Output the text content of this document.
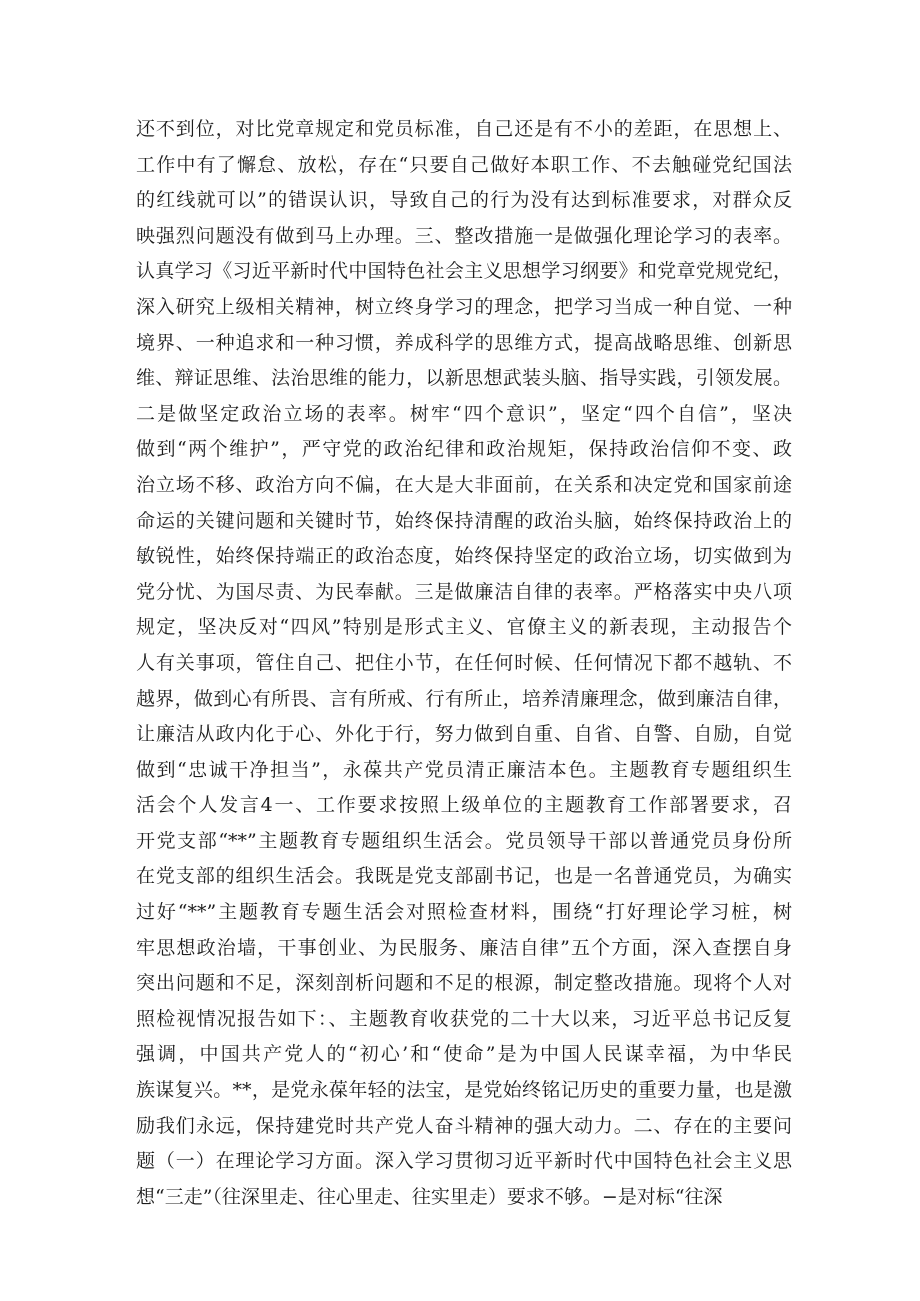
还不到位，对比党章规定和党员标准，自己还是有不小的差距，在思想上、
工作中有了懈怠、放松，存在“只要自己做好本职工作、不去触碰党纪国法
的红线就可以”的错误认识，导致自己的行为没有达到标准要求，对群众反
映强烈问题没有做到马上办理。三、整改措施一是做强化理论学习的表率。
认真学习《习近平新时代中国特色社会主义思想学习纲要》和党章党规党纪，
深入研究上级相关精神，树立终身学习的理念，把学习当成一种自觉、一种
境界、一种追求和一种习惯，养成科学的思维方式，提高战略思维、创新思
维、辩证思维、法治思维的能力，以新思想武装头脑、指导实践，引领发展。
二是做坚定政治立场的表率。树牢“四个意识”，坚定“四个自信”，坚决
做到“两个维护”，严守党的政治纪律和政治规矩，保持政治信仰不变、政
治立场不移、政治方向不偏，在大是大非面前，在关系和决定党和国家前途
命运的关键问题和关键时节，始终保持清醒的政治头脑，始终保持政治上的
敏锐性，始终保持端正的政治态度，始终保持坚定的政治立场，切实做到为
党分忧、为国尽责、为民奉献。三是做廉洁自律的表率。严格落实中央八项
规定，坚决反对“四风”特别是形式主义、官僚主义的新表现，主动报告个
人有关事项，管住自己、把住小节，在任何时候、任何情况下都不越轨、不
越界，做到心有所畏、言有所戒、行有所止，培养清廉理念，做到廉洁自律，
让廉洁从政内化于心、外化于行，努力做到自重、自省、自警、自励，自觉
做到“忠诚干净担当”，永葆共产党员清正廉洁本色。主题教育专题组织生
活会个人发言4一、工作要求按照上级单位的主题教育工作部署要求，召
开党支部“**”主题教育专题组织生活会。党员领导干部以普通党员身份所
在党支部的组织生活会。我既是党支部副书记，也是一名普通党员，为确实
过好“**”主题教育专题生活会对照检查材料，围绕“打好理论学习桩，树
牢思想政治墙，干事创业、为民服务、廉洁自律”五个方面，深入查摆自身
突出问题和不足，深刻剖析问题和不足的根源，制定整改措施。现将个人对
照检视情况报告如下：、主题教育收获党的二十大以来，习近平总书记反复
强调，中国共产党人的“初心’和“使命”是为中国人民谋幸福，为中华民
族谋复兴。**，是党永葆年轻的法宝，是党始终铭记历史的重要力量，也是激
励我们永远，保持建党时共产党人奋斗精神的强大动力。二、存在的主要问
题（一）在理论学习方面。深入学习贯彻习近平新时代中国特色社会主义思
想“三走”（往深里走、往心里走、往实里走）要求不够。−是对标“往深
